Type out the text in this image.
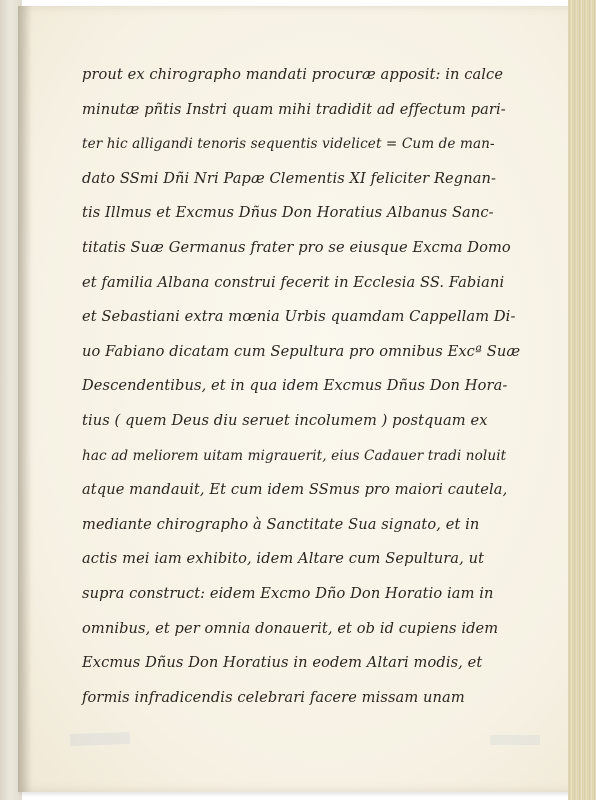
prout ex chirographo mandati procuræ apposit: in calce
minutæ pñtis Instri quam mihi tradidit ad effectum pari-
ter hic alligandi tenoris sequentis videlicet = Cum de man-
dato SSmi Dñi Nri Papæ Clementis XI feliciter Regnan-
tis Illmus et Excmus Dñus Don Horatius Albanus Sanc-
titatis Suæ Germanus frater pro se eiusque Excma Domo
et familia Albana construi fecerit in Ecclesia SS. Fabiani
et Sebastiani extra mœnia Urbis quamdam Cappellam Di-
uo Fabiano dicatam cum Sepultura pro omnibus Excª Suæ
Descendentibus, et in qua idem Excmus Dñus Don Hora-
tius ( quem Deus diu seruet incolumem ) postquam ex
hac ad meliorem uitam migrauerit, eius Cadauer tradi noluit
atque mandauit, Et cum idem SSmus pro maiori cautela,
mediante chirographo à Sanctitate Sua signato, et in
actis mei iam exhibito, idem Altare cum Sepultura, ut
supra construct: eidem Excmo Dño Don Horatio iam in
omnibus, et per omnia donauerit, et ob id cupiens idem
Excmus Dñus Don Horatius in eodem Altari modis, et
formis infradicendis celebrari facere missam unam
